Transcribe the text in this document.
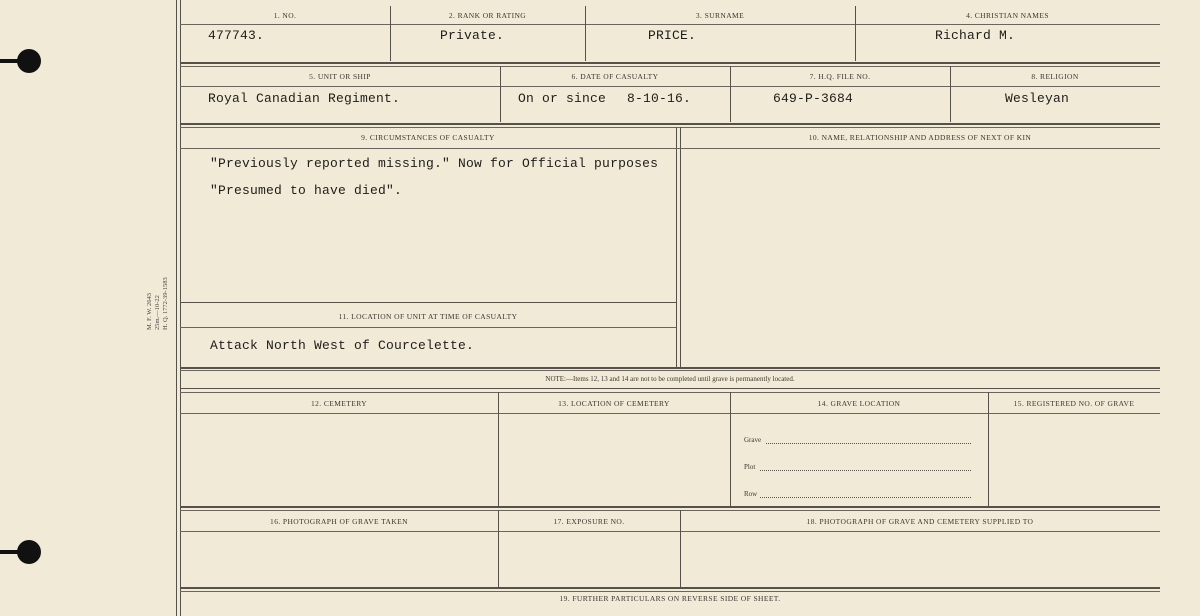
M. F. W. 2643 25m.—10-22 H. Q. 1772-39-1583
1. NO.	2. RANK OR RATING	3. SURNAME	4. CHRISTIAN NAMES
477743.	Private.	PRICE.	Richard M.
5. UNIT OR SHIP	6. DATE OF CASUALTY	7. H.Q. FILE NO.	8. RELIGION
Royal Canadian Regiment.	On or since 8-10-16.	649-P-3684	Wesleyan
9. CIRCUMSTANCES OF CASUALTY	10. NAME, RELATIONSHIP AND ADDRESS OF NEXT OF KIN
"Previously reported missing." Now for Official purposes
"Presumed to have died".
11. LOCATION OF UNIT AT TIME OF CASUALTY
Attack North West of Courcelette.
NOTE:—Items 12, 13 and 14 are not to be completed until grave is permanently located.
12. CEMETERY	13. LOCATION OF CEMETERY	14. GRAVE LOCATION	15. REGISTERED NO. OF GRAVE
Grave
Plot
Row
16. PHOTOGRAPH OF GRAVE TAKEN	17. EXPOSURE NO.	18. PHOTOGRAPH OF GRAVE AND CEMETERY SUPPLIED TO
19. FURTHER PARTICULARS ON REVERSE SIDE OF SHEET.
